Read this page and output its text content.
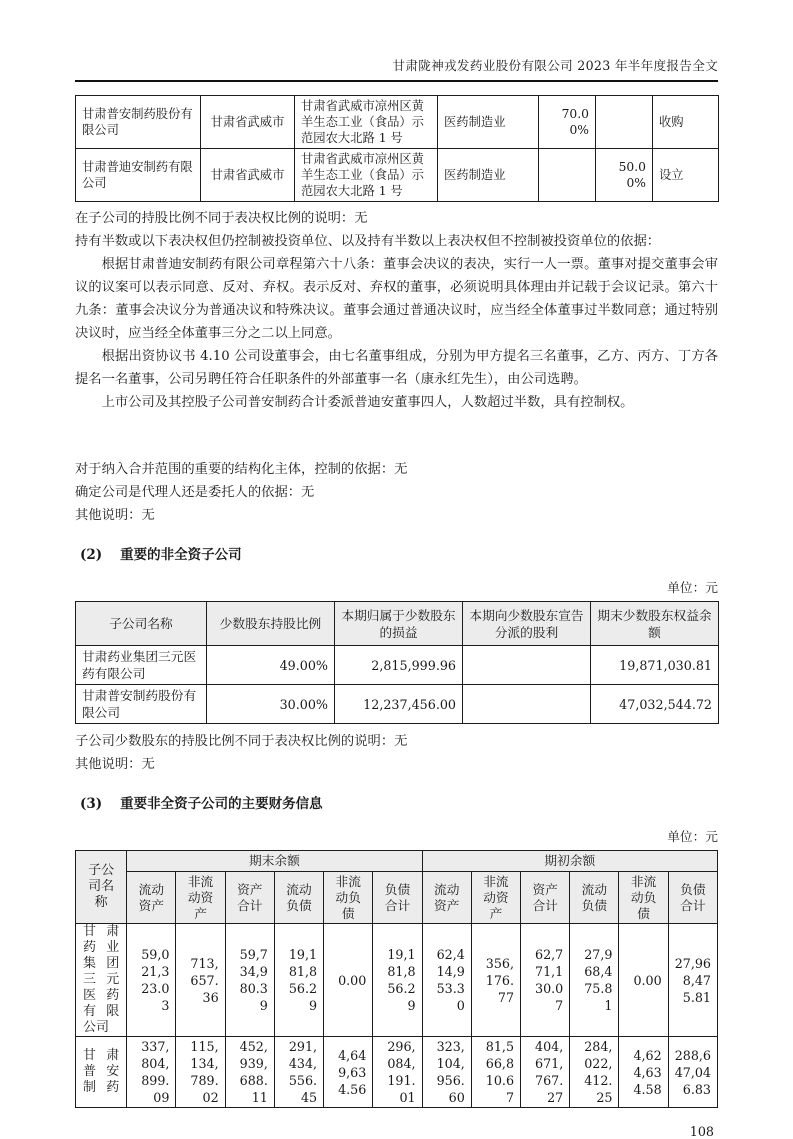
甘肃陇神戎发药业股份有限公司 2023 年半年度报告全文
甘肃普安制药股份有限公司	甘肃省武威市	甘肃省武威市凉州区黄羊生态工业（食品）示范园农大北路 1 号	医药制造业	70.00%		收购
甘肃普迪安制药有限公司	甘肃省武威市	甘肃省武威市凉州区黄羊生态工业（食品）示范园农大北路 1 号	医药制造业		50.00%	设立

在子公司的持股比例不同于表决权比例的说明：无

持有半数或以下表决权但仍控制被投资单位、以及持有半数以上表决权但不控制被投资单位的依据：

根据甘肃普迪安制药有限公司章程第六十八条：董事会决议的表决，实行一人一票。董事对提交董事会审议的议案可以表示同意、反对、弃权。表示反对、弃权的董事，必须说明具体理由并记载于会议记录。第六十九条：董事会决议分为普通决议和特殊决议。董事会通过普通决议时，应当经全体董事过半数同意；通过特别决议时，应当经全体董事三分之二以上同意。

根据出资协议书 4.10 公司设董事会，由七名董事组成，分别为甲方提名三名董事，乙方、丙方、丁方各提名一名董事，公司另聘任符合任职条件的外部董事一名（康永红先生），由公司选聘。

上市公司及其控股子公司普安制药合计委派普迪安董事四人，人数超过半数，具有控制权。

对于纳入合并范围的重要的结构化主体，控制的依据：无

确定公司是代理人还是委托人的依据：无

其他说明：无

(2) 重要的非全资子公司
单位：元
子公司名称	少数股东持股比例	本期归属于少数股东的损益	本期向少数股东宣告分派的股利	期末少数股东权益余额
甘肃药业集团三元医药有限公司	49.00%	2,815,999.96		19,871,030.81
甘肃普安制药股份有限公司	30.00%	12,237,456.00		47,032,544.72

子公司少数股东的持股比例不同于表决权比例的说明：无

其他说明：无

(3) 重要非全资子公司的主要财务信息
单位：元
子公司名称	期末余额						期初余额					
	流动资产	非流动资产	资产合计	流动负债	非流动负债	负债合计	流动资产	非流动资产	资产合计	流动负债	非流动负债	负债合计
甘肃药业集团三元医药有限公司	59,021,323.03	713,657.36	59,734,980.39	19,181,856.29	0.00	19,181,856.29	62,414,953.30	356,176.77	62,771,130.07	27,968,475.81	0.00	27,968,475.81
甘肃普安制药	337,804,899.09	115,134,789.02	452,939,688.11	291,434,556.45	4,649,634.56	296,084,191.01	323,104,956.60	81,566,810.67	404,671,767.27	284,022,412.25	4,624,634.58	288,647,046.83
108
